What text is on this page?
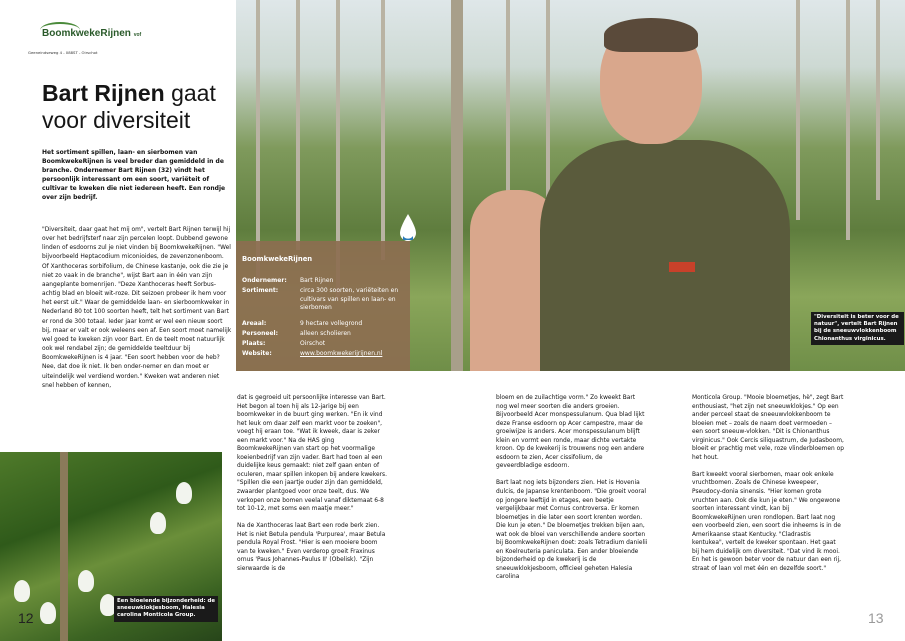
BoomkwekeRijnen vof
Geeneindseweg 4 - 088ST - Oirschot
Bart Rijnen gaat voor diversiteit
Het sortiment spillen, laan- en sierbomen van BoomkwekeRijnen is veel breder dan gemiddeld in de branche. Ondernemer Bart Rijnen (32) vindt het persoonlijk interessant om een soort, variëteit of cultivar te kweken die niet iedereen heeft. Een rondje over zijn bedrijf.
"Diversiteit, daar gaat het mij om", vertelt Bart Rijnen terwijl hij over het bedrijfsterf naar zijn percelen loopt. Dubbend gewone linden of esdoorns zul je niet vinden bij BoomkwekeRijnen. "Wel bijvoorbeeld Heptacodium miconioides, de zevenzonenboom. Of Xanthoceras sorbifolium, de Chinese kastanje, ook die zie je niet zo vaak in de branche", wijst Bart aan in één van zijn aangeplante bomenrijen. "Deze Xanthoceras heeft Sorbus-achtig blad en bloeit wit-roze. Dit seizoen probeer ik hem voor het eerst uit." Waar de gemiddelde laan- en sierboomkweker in Nederland 80 tot 100 soorten heeft, telt het sortiment van Bart er rond de 300 totaal. Ieder jaar komt er wel een nieuw soort bij, maar er valt er ook weleens een af. Een soort moet namelijk wel goed te kweken zijn voor Bart. En de teelt moet natuurlijk ook wel rendabel zijn; de gemiddelde teeltduur bij BoomkwekeRijnen is 4 jaar. "Een soort hebben voor de heb? Nee, dat doe ik niet. Ik ben onder-nemer en dan moet er uiteindelijk wel verdiend worden." Kweken wat anderen niet snel hebben of kennen,
Een bloeiende bijzonderheid: de sneeuwklokjesboom, Halesia carolina Monticola Group.
12
BoomkwekeRijnen
Ondernemer: Bart Rijnen
Sortiment:	circa 300 soorten, variëteiten en cultivars van spillen en laan- en sierbomen
Areaal:	9 hectare vollegrond
Personeel:	alleen scholieren
Plaats:	Oirschot
Website:	www.boomkwekerijrijnen.nl
"Diversiteit is beter voor de natuur", vertelt Bart Rijnen bij de sneeuwvlokkenboom Chionanthus virginicus.

dat is gegroeid uit persoonlijke interesse van Bart. Het begon al toen hij als 12-jarige bij een boomkweker in de buurt ging werken. "En ik vind het leuk om daar zelf een markt voor te zoeken", voegt hij eraan toe. "Wat ik kweek, daar is zeker een markt voor." Na de HAS ging BoomkwekeRijnen van start op het voormalige koeienbedrijf van zijn vader. Bart had toen al een duidelijke keus gemaakt: niet zelf gaan enten of oculeren, maar spillen inkopen bij andere kwekers. "Spillen die een jaartje ouder zijn dan gemiddeld, zwaarder plantgoed voor onze teelt, dus. We verkopen onze bomen veelal vanaf diktemaat 6-8 tot 10-12, met soms een maatje meer."

Na de Xanthoceras laat Bart een rode berk zien. Het is niet Betula pendula 'Purpurea', maar Betula pendula Royal Frost. "Hier is een mooiere boom van te kweken." Even verderop groeit Fraxinus ornus 'Paus Johannes-Paulus II' (Obelisk). "Zijn sierwaarde is de

bloem en de zuilachtige vorm." Zo kweekt Bart nog wel meer soorten die anders groeien. Bijvoorbeeld Acer monspessulanum. Qua blad lijkt deze Franse esdoorn op Acer campestre, maar de groeiwijze is anders. Acer monspessulanum blijft klein en vormt een ronde, maar dichte vertakte kroon. Op de kwekerij is trouwens nog een andere esdoorn te zien, Acer cissifolium, de geveerdbladige esdoorn.

Bart laat nog iets bijzonders zien. Het is Hovenia dulcis, de Japanse krentenboom. "Die groeit vooral op jongere leeftijd in etages, een beetje vergelijkbaar met Cornus controversa. Er komen bloemetjes in die later een soort krenten worden. Die kun je eten." De bloemetjes trekken bijen aan, wat ook de bloei van verschillende andere soorten bij BoomkwekeRijnen doet: zoals Tetradium danielii en Koelreuteria paniculata. Een ander bloeiende bijzonderheid op de kwekerij is de sneeuwklokjesboom, officieel geheten Halesia carolina

Monticola Group. "Mooie bloemetjes, hè", zegt Bart enthousiast, "het zijn net sneeuwklokjes." Op een ander perceel staat de sneeuwvlokkenboom te bloeien met – zoals de naam doet vermoeden – een soort sneeuw-vlokken. "Dit is Chionanthus virginicus." Ook Cercis siliquastrum, de Judasboom, bloeit er prachtig met vele, roze vlinderbloemen op het hout.

Bart kweekt vooral sierbomen, maar ook enkele vruchtbomen. Zoals de Chinese kweepeer, Pseudocy-donia sinensis. "Hier komen grote vruchten aan. Ook die kun je eten." We ongewone soorten interessant vindt, kan bij BoomkwekeRijnen uren rondlopen. Bart laat nog een voorbeeld zien, een soort die inheems is in de Amerikaanse staat Kentucky. "Cladrastis kentukea", vertelt de kweker spontaan. Het gaat bij hem duidelijk om diversiteit. "Dat vind ik mooi. En het is gewoon beter voor de natuur dan een rij, straat of laan vol met één en dezelfde soort."

13
